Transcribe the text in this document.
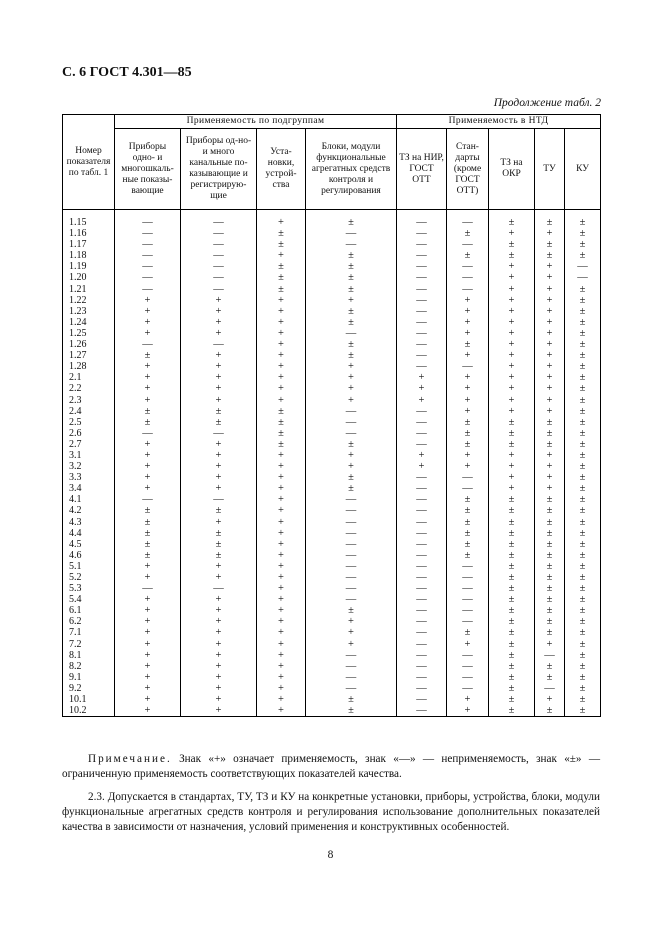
С. 6 ГОСТ 4.301—85
Продолжение табл. 2
Номер показателя по табл. 1	Применяемость по подгруппам				Применяемость в НТД				
	Приборы одно- и многошкаль-ные показы-вающие	Приборы од-но- и много канальные по-казывающие и регистрирую-щие	Уста-новки, устрой-ства	Блоки, модули функциональные агрегатных средств контроля и регулирования	ТЗ на НИР, ГОСТ ОТТ	Стан-дарты (кроме ГОСТ ОТТ)	ТЗ на ОКР	ТУ	КУ
1.15	—	—	+	±	—	—	±	±	±
1.16	—	—	±	—	—	±	+	+	±
1.17	—	—	±	—	—	—	±	±	±
1.18	—	—	+	±	—	±	±	±	±
1.19	—	—	±	±	—	—	+	+	—
1.20	—	—	±	±	—	—	+	+	—
1.21	—	—	±	±	—	—	+	+	±
1.22	+	+	+	+	—	+	+	+	±
1.23	+	+	+	±	—	+	+	+	±
1.24	+	+	+	±	—	+	+	+	±
1.25	+	+	+	—	—	+	+	+	±
1.26	—	—	+	±	—	±	+	+	±
1.27	±	+	+	±	—	+	+	+	±
1.28	+	+	+	+	—	—	+	+	±
2.1	+	+	+	+	+	+	+	+	±
2.2	+	+	+	+	+	+	+	+	±
2.3	+	+	+	+	+	+	+	+	±
2.4	±	±	±	—	—	+	+	+	±
2.5	±	±	±	—	—	±	±	±	±
2.6	—	—	±	—	—	±	±	±	±
2.7	+	+	±	±	—	±	±	±	±
3.1	+	+	+	+	+	+	+	+	±
3.2	+	+	+	+	+	+	+	+	±
3.3	+	+	+	±	—	—	+	+	±
3.4	+	+	+	±	—	—	+	+	±
4.1	—	—	+	—	—	±	±	±	±
4.2	±	±	+	—	—	±	±	±	±
4.3	±	+	+	—	—	±	±	±	±
4.4	±	±	+	—	—	±	±	±	±
4.5	±	±	+	—	—	±	±	±	±
4.6	±	±	+	—	—	±	±	±	±
5.1	+	+	+	—	—	—	±	±	±
5.2	+	+	+	—	—	—	±	±	±
5.3	—	—	+	—	—	—	±	±	±
5.4	+	+	+	—	—	—	±	±	±
6.1	+	+	+	±	—	—	±	±	±
6.2	+	+	+	+	—	—	±	±	±
7.1	+	+	+	+	—	±	±	±	±
7.2	+	+	+	+	—	+	±	+	±
8.1	+	+	+	—	—	—	±	—	±
8.2	+	+	+	—	—	—	±	±	±
9.1	+	+	+	—	—	—	±	±	±
9.2	+	+	+	—	—	—	±	—	±
10.1	+	+	+	±	—	+	±	+	±
10.2	+	+	+	±	—	+	±	±	±
Примечание. Знак «+» означает применяемость, знак «—» — неприменяемость, знак «±» — ограниченную применяемость соответствующих показателей качества.
2.3. Допускается в стандартах, ТУ, ТЗ и КУ на конкретные установки, приборы, устройства, блоки, модули функциональные агрегатных средств контроля и регулирования использование дополнительных показателей качества в зависимости от назначения, условий применения и конструктивных особенностей.
8
